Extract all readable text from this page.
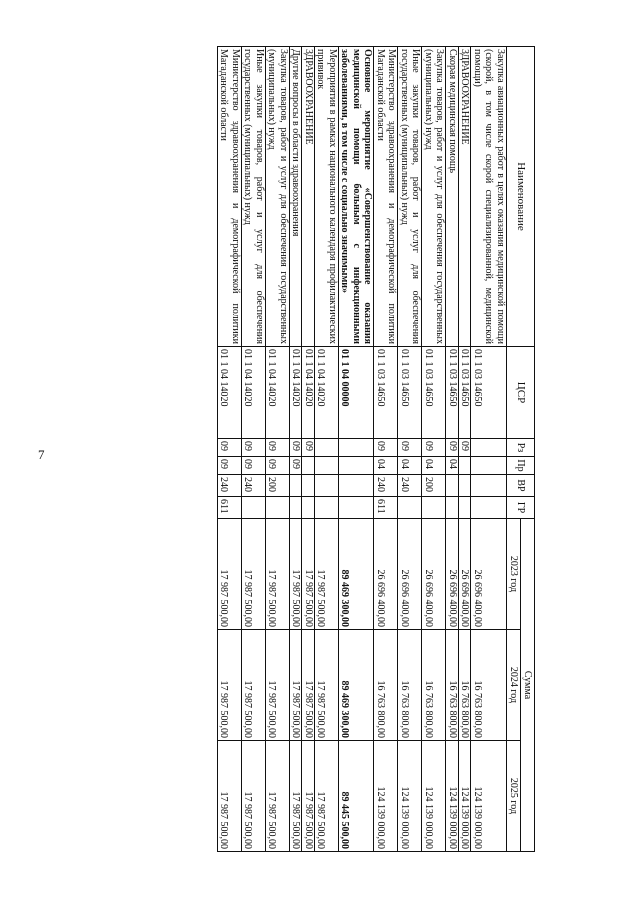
7
Наименование	ЦСР	Рз	Пр	ВР	ГР	Сумма		
						2023 год	2024 год	2025 год
Закупка авиационных работ в целях оказания медицинской помощи (скорой, в том числе скорой специализированной, медицинской помощи)	01 1 03 14650					26 696 400,00	16 763 800,00	124 139 000,00
ЗДРАВООХРАНЕНИЕ	01 1 03 14650	09				26 696 400,00	16 763 800,00	124 139 000,00
Скорая медицинская помощь	01 1 03 14650	09	04			26 696 400,00	16 763 800,00	124 139 000,00
Закупка товаров, работ и услуг для обеспечения государственных (муниципальных) нужд	01 1 03 14650	09	04	200		26 696 400,00	16 763 800,00	124 139 000,00
Иные закупки товаров, работ и услуг для обеспечения государственных (муниципальных) нужд	01 1 03 14650	09	04	240		26 696 400,00	16 763 800,00	124 139 000,00
Министерство здравоохранения и демографической политики Магаданской области	01 1 03 14650	09	04	240	611	26 696 400,00	16 763 800,00	124 139 000,00
Основное мероприятие «Совершенствование оказания медицинской помощи больным с инфекционными заболеваниями, в том числе с социально значимыми»	01 1 04 00000					89 469 300,00	89 469 300,00	89 445 500,00
Мероприятия в рамках национального календаря профилактических прививок	01 1 04 14020					17 987 500,00	17 987 500,00	17 987 500,00
ЗДРАВООХРАНЕНИЕ	01 1 04 14020	09				17 987 500,00	17 987 500,00	17 987 500,00
Другие вопросы в области здравоохранения	01 1 04 14020	09	09			17 987 500,00	17 987 500,00	17 987 500,00
Закупка товаров, работ и услуг для обеспечения государственных (муниципальных) нужд	01 1 04 14020	09	09	200		17 987 500,00	17 987 500,00	17 987 500,00
Иные закупки товаров, работ и услуг для обеспечения государственных (муниципальных) нужд	01 1 04 14020	09	09	240		17 987 500,00	17 987 500,00	17 987 500,00
Министерство здравоохранения и демографической политики Магаданской области	01 1 04 14020	09	09	240	611	17 987 500,00	17 987 500,00	17 987 500,00
